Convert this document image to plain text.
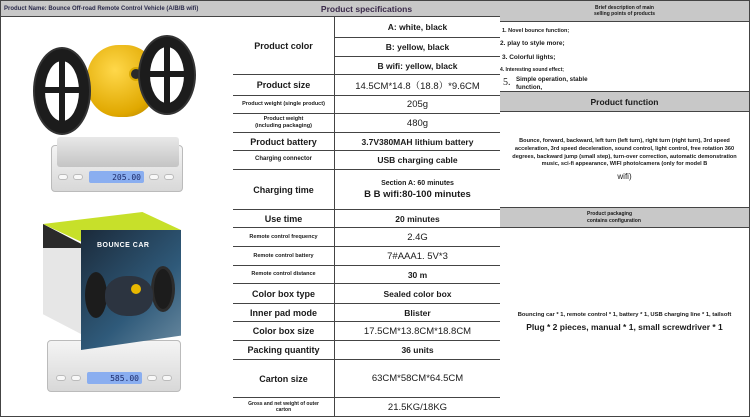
Product Name: Bounce Off-road Remote Control Vehicle (A/B/B wifi)
205.00
585.00
BOUNCE CAR
Product specifications
Product color
Product size
Product weight (single product)
Product weight (including packaging)
Product battery
Charging connector
Charging time
Use time
Remote control frequency
Remote control battery
Remote control distance
Color box type
Inner pad mode
Color box size
Packing quantity
Carton size
Gross and net weight of outer carton
A: white, black
B: yellow, black
B wifi: yellow, black
14.5CM*14.8（18.8）*9.6CM
205g
480g
3.7V380MAH lithium battery
USB charging cable
Section A: 60 minutes
B B wifi:80-100 minutes
20 minutes
2.4G
7#AAA1. 5V*3
30 m
Sealed color box
Blister
17.5CM*13.8CM*18.8CM
36 units
63CM*58CM*64.5CM
21.5KG/18KG
Brief description of main
selling points of products
1. Novel bounce function;
2. play to style more;
3. Colorful lights;
4. Interesting sound effect;
5. Simple operation, stable
function,
Product function
Bounce, forward, backward, left turn (left turn), right turn (right turn), 3rd speed acceleration, 3rd speed deceleration, sound control, light control, free rotation 360 degrees, backward jump (small step), turn-over correction, automatic demonstration music, sci-fi appearance, WIFI photo/camera (only for model B
wifi)
Product packaging
contains configuration
Bouncing car * 1, remote control * 1, battery * 1, USB charging line * 1, tailsoft
Plug * 2 pieces, manual * 1, small screwdriver * 1
